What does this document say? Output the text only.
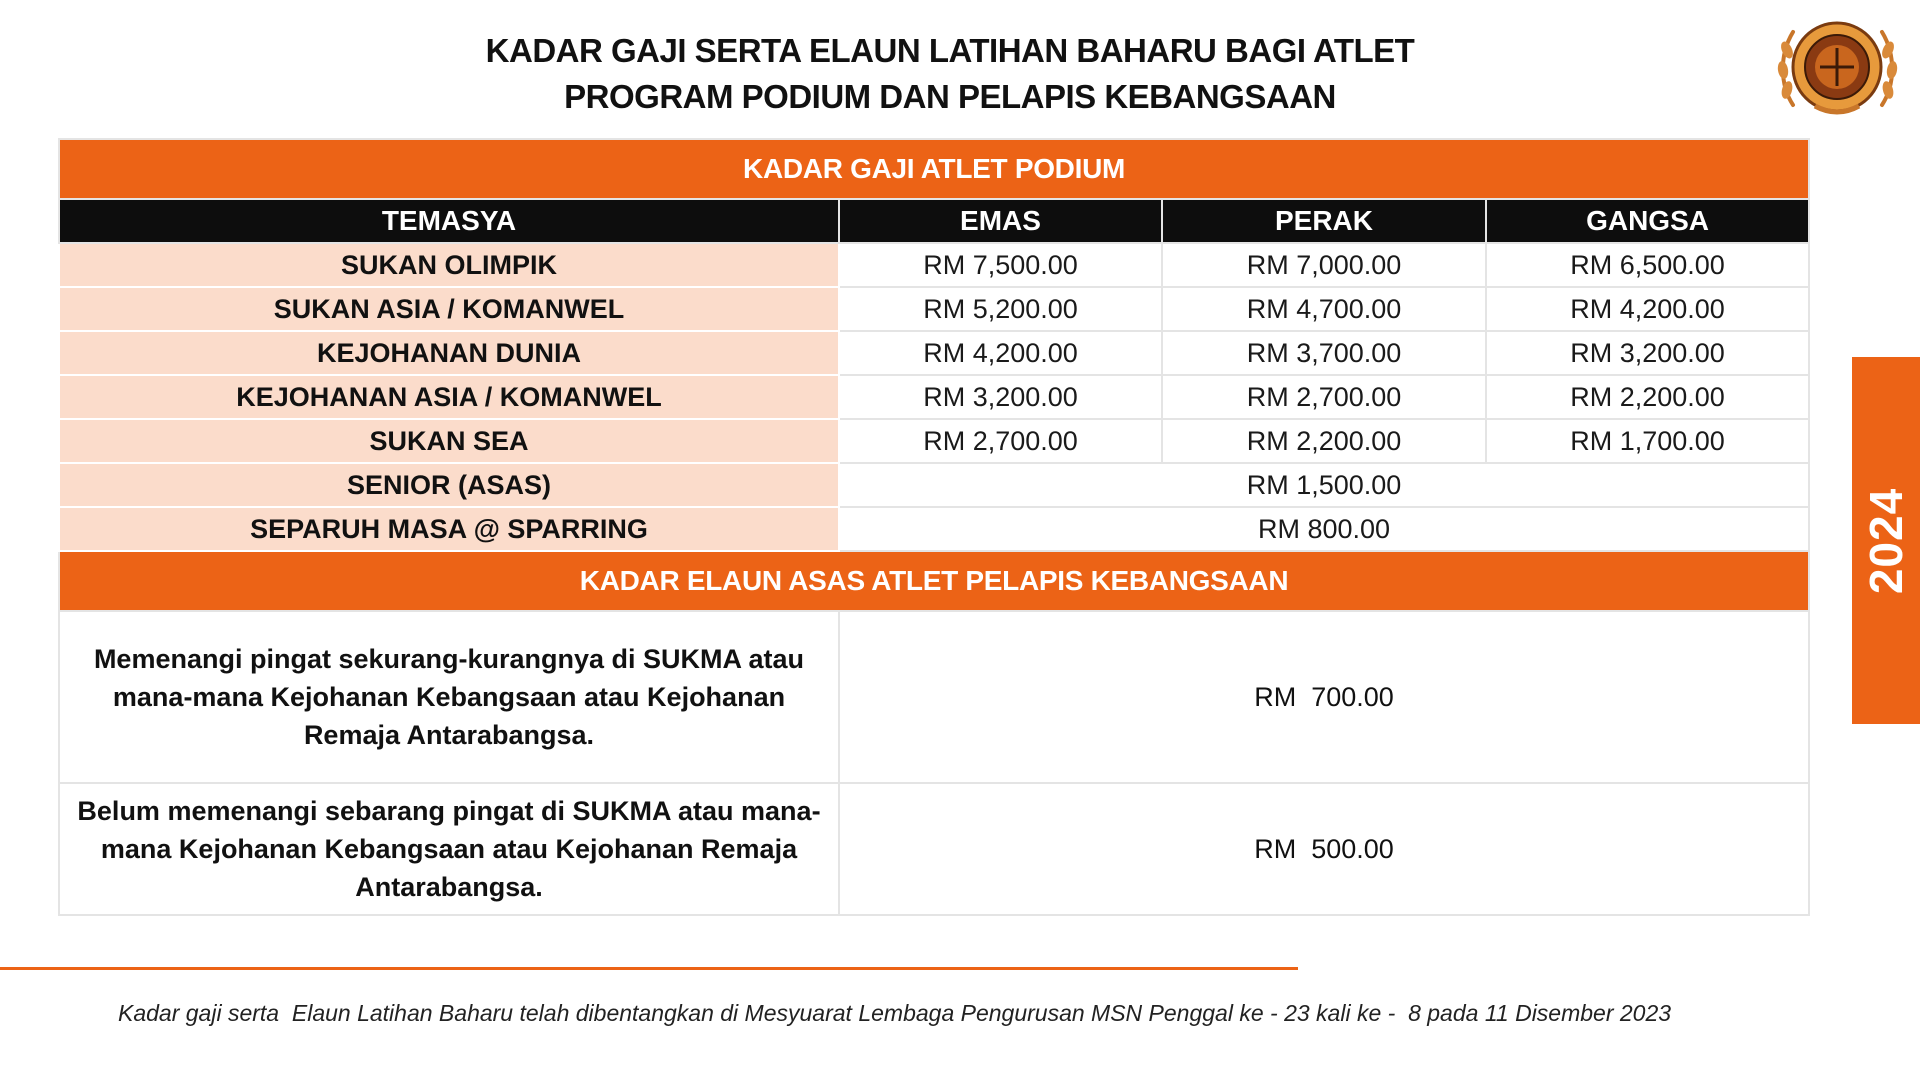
KADAR GAJI SERTA ELAUN LATIHAN BAHARU BAGI ATLET
PROGRAM PODIUM DAN PELAPIS KEBANGSAAN
2024
KADAR GAJI ATLET PODIUM			
TEMASYA	EMAS	PERAK	GANGSA
SUKAN OLIMPIK	RM 7,500.00	RM 7,000.00	RM 6,500.00
SUKAN ASIA / KOMANWEL	RM 5,200.00	RM 4,700.00	RM 4,200.00
KEJOHANAN DUNIA	RM 4,200.00	RM 3,700.00	RM 3,200.00
KEJOHANAN ASIA / KOMANWEL	RM 3,200.00	RM 2,700.00	RM 2,200.00
SUKAN SEA	RM 2,700.00	RM 2,200.00	RM 1,700.00
SENIOR (ASAS)	RM 1,500.00		
SEPARUH MASA @ SPARRING	RM 800.00		
KADAR ELAUN ASAS ATLET PELAPIS KEBANGSAAN			
Memenangi pingat sekurang-kurangnya di SUKMA atau mana-mana Kejohanan Kebangsaan atau Kejohanan Remaja Antarabangsa.	RM  700.00		
Belum memenangi sebarang pingat di SUKMA atau mana-mana Kejohanan Kebangsaan atau Kejohanan Remaja Antarabangsa.	RM  500.00		
Kadar gaji serta  Elaun Latihan Baharu telah dibentangkan di Mesyuarat Lembaga Pengurusan MSN Penggal ke - 23 kali ke -  8 pada 11 Disember 2023
